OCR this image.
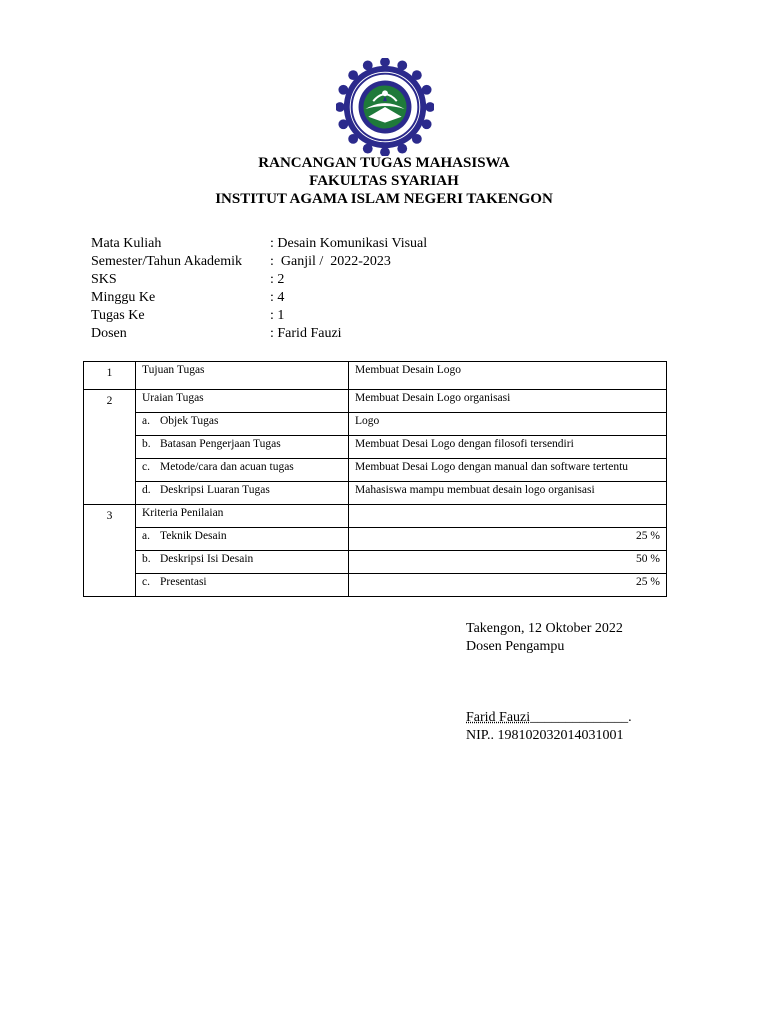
RANCANGAN TUGAS MAHASISWA
FAKULTAS SYARIAH
INSTITUT AGAMA ISLAM NEGERI TAKENGON
Mata Kuliah	: Desain Komunikasi Visual
Semester/Tahun Akademik :  Ganjil /  2022-2023
SKS	: 2
Minggu Ke	: 4
Tugas Ke	: 1
Dosen	: Farid Fauzi
1	Tujuan Tugas	Membuat Desain Logo
2	Uraian Tugas	Membuat Desain Logo organisasi
	a. Objek Tugas	Logo
	b. Batasan Pengerjaan Tugas	Membuat Desai Logo dengan filosofi tersendiri
	c. Metode/cara dan acuan tugas	Membuat Desai Logo dengan manual dan software tertentu
	d. Deskripsi Luaran Tugas	Mahasiswa mampu membuat desain logo organisasi
3	Kriteria Penilaian	
	a. Teknik Desain	25 %
	b. Deskripsi Isi Desain	50 %
	c. Presentasi	25 %
Takengon, 12 Oktober 2022
Dosen Pengampu
Farid Fauzi______________.
NIP.. 198102032014031001
